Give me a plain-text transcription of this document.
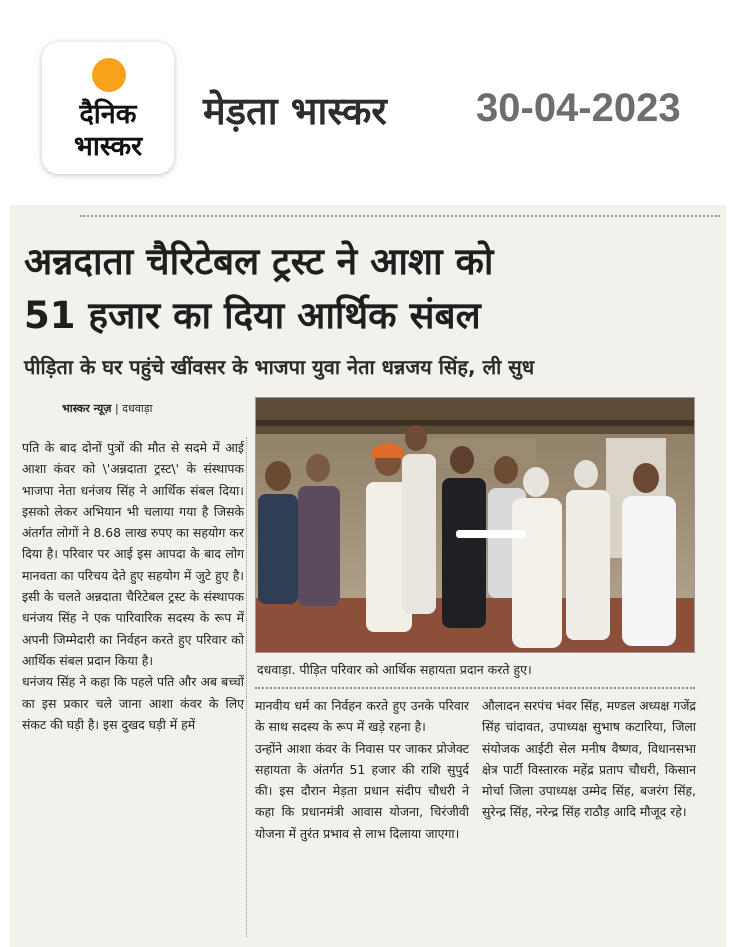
दैनिक
भास्कर
मेड़ता भास्कर 30-04-2023
अन्नदाता चैरिटेबल ट्रस्ट ने आशा को
51 हजार का दिया आर्थिक संबल
पीड़िता के घर पहुंचे खींवसर के भाजपा युवा नेता धन्नजय सिंह, ली सुध
भास्कर न्यूज़ | दधवाड़ा

पति के बाद दोनों पुत्रों की मौत से सदमे में आई आशा कंवर को \'अन्नदाता ट्रस्ट\' के संस्थापक भाजपा नेता धनंजय सिंह ने आर्थिक संबल दिया। इसको लेकर अभियान भी चलाया गया है जिसके अंतर्गत लोगों ने 8.68 लाख रुपए का सहयोग कर दिया है। परिवार पर आई इस आपदा के बाद लोग मानवता का परिचय देते हुए सहयोग में जुटे हुए है। इसी के चलते अन्नदाता चैरिटेबल ट्रस्ट के संस्थापक धनंजय सिंह ने एक पारिवारिक सदस्य के रूप में अपनी जिम्मेदारी का निर्वहन करते हुए परिवार को आर्थिक संबल प्रदान किया है।

धनंजय सिंह ने कहा कि पहले पति और अब बच्चों का इस प्रकार चले जाना आशा कंवर के लिए संकट की घड़ी है। इस दुखद घड़ी में हमें

दधवाड़ा. पीड़ित परिवार को आर्थिक सहायता प्रदान करते हुए।

मानवीय धर्म का निर्वहन करते हुए उनके परिवार के साथ सदस्य के रूप में खड़े रहना है।

उन्होंने आशा कंवर के निवास पर जाकर प्रोजेक्ट सहायता के अंतर्गत 51 हजार की राशि सुपुर्द की। इस दौरान मेड़ता प्रधान संदीप चौधरी ने कहा कि प्रधानमंत्री आवास योजना, चिरंजीवी योजना में तुरंत प्रभाव से लाभ दिलाया जाएगा।

औलादन सरपंच भंवर सिंह, मण्डल अध्यक्ष गजेंद्र सिंह चांदावत, उपाध्यक्ष सुभाष कटारिया, जिला संयोजक आईटी सेल मनीष वैष्णव, विधानसभा क्षेत्र पार्टी विस्तारक महेंद्र प्रताप चौधरी, किसान मोर्चा जिला उपाध्यक्ष उम्मेद सिंह, बजरंग सिंह, सुरेन्द्र सिंह, नरेन्द्र सिंह राठौड़ आदि मौजूद रहे।
